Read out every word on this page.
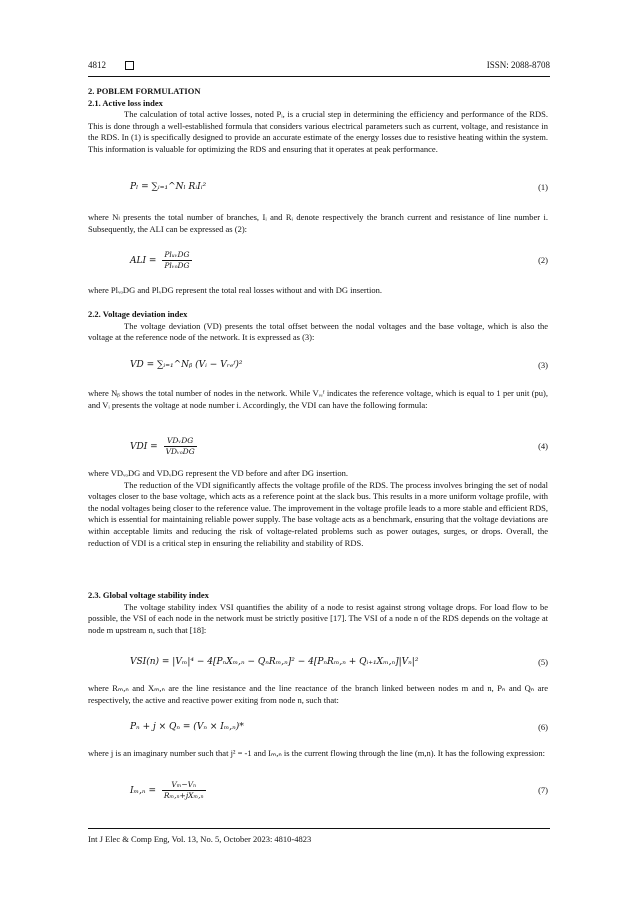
4812	ISSN: 2088-8708

2. POBLEM FORMULATION

2.1. Active loss index

The calculation of total active losses, noted Pᵢ, is a crucial step in determining the efficiency and performance of the RDS. This is done through a well-established formula that considers various electrical parameters such as current, voltage, and resistance in the RDS. In (1) is specifically designed to provide an accurate estimate of the energy losses due to resistive heating within the system. This information is valuable for optimizing the RDS and ensuring that it operates at peak performance.

Pₗ = ∑ᵢ₌₁^Nₗ RᵢIᵢ²	(1)

where Nₗ presents the total number of branches, Iᵢ and Rᵢ denote respectively the branch current and resistance of line number i. Subsequently, the ALI can be expressed as (2):

ALI = $\frac{\text{PlᵤᵥDG}}{\text{PlᵥₒDG}}$	(2)

where PlᵥₒDG and PlᵥDG represent the total real losses without and with DG insertion.

2.2. Voltage deviation index

The voltage deviation (VD) presents the total offset between the nodal voltages and the base voltage, which is also the voltage at the reference node of the network. It is expressed as (3):

VD = ∑ᵢ₌₁^Nᵦ (Vᵢ − Vᵣₑᶠ)²	(3)

where Nᵦ shows the total number of nodes in the network. While Vᵣₑᶠ indicates the reference voltage, which is equal to 1 per unit (pu), and Vᵢ presents the voltage at node number i. Accordingly, the VDI can have the following formula:

VDI = $\frac{\text{VDᵥDG}}{\text{VDᵥₒDG}}$	(4)

where VDᵥₒDG and VDᵥDG represent the VD before and after DG insertion.

The reduction of the VDI significantly affects the voltage profile of the RDS. The process involves bringing the set of nodal voltages closer to the base voltage, which acts as a reference point at the slack bus. This results in a more uniform voltage profile, with the nodal voltages being closer to the reference value. The improvement in the voltage profile leads to a more stable and efficient RDS, which is essential for maintaining reliable power supply. The base voltage acts as a benchmark, ensuring that the voltage deviations are within acceptable limits and reducing the risk of voltage-related problems such as power outages, surges, or drops. Overall, the reduction of VDI is a critical step in ensuring the reliability and stability of RDS.

2.3. Global voltage stability index

The voltage stability index VSI quantifies the ability of a node to resist against strong voltage drops. For load flow to be possible, the VSI of each node in the network must be strictly positive [17]. The VSI of a node n of the RDS depends on the voltage at node m upstream n, such that [18]:

VSI(n) = |Vₘ|⁴ − 4[PₙXₘ,ₙ − QₙRₘ,ₙ]² − 4[PₙRₘ,ₙ + Qᵢ₊₁Xₘ,ₙ]|Vₙ|²	(5)

where Rₘ,ₙ and Xₘ,ₙ are the line resistance and the line reactance of the branch linked between nodes m and n, Pₙ and Qₙ are respectively, the active and reactive power exiting from node n, such that:

Pₙ + j × Qₙ = (Vₙ × Iₘ,ₙ)*	(6)

where j is an imaginary number such that j² = -1 and Iₘ,ₙ is the current flowing through the line (m,n). It has the following expression:

$I_m,_n = \frac{\text{Vₘ−Vₙ}}{\text{Rₘ,ₙ+jXₘ,ₙ}}$	(7)
Int J Elec & Comp Eng, Vol. 13, No. 5, October 2023: 4810-4823
